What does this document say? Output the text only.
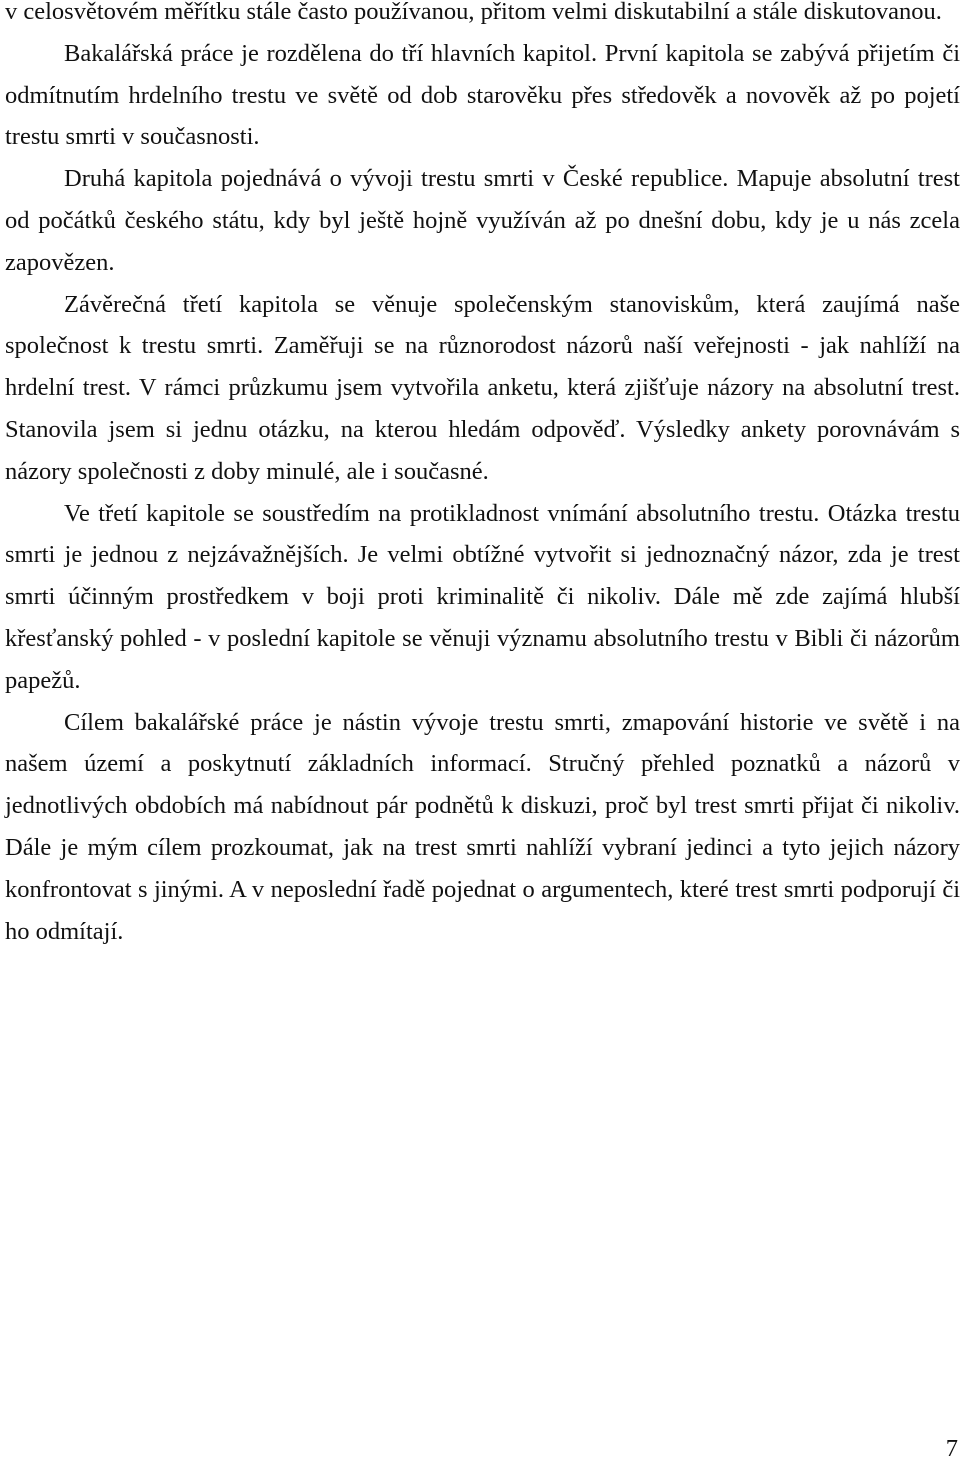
v celosvětovém měřítku stále často používanou, přitom velmi diskutabilní a stále diskutovanou.

Bakalářská práce je rozdělena do tří hlavních kapitol. První kapitola se zabývá přijetím či odmítnutím hrdelního trestu ve světě od dob starověku přes středověk a novověk až po pojetí trestu smrti v současnosti.

Druhá kapitola pojednává o vývoji trestu smrti v České republice. Mapuje absolutní trest od počátků českého státu, kdy byl ještě hojně využíván až po dnešní dobu, kdy je u nás zcela zapovězen.

Závěrečná třetí kapitola se věnuje společenským stanoviskům, která zaujímá naše společnost k trestu smrti. Zaměřuji se na různorodost názorů naší veřejnosti - jak nahlíží na hrdelní trest. V rámci průzkumu jsem vytvořila anketu, která zjišťuje názory na absolutní trest. Stanovila jsem si jednu otázku, na kterou hledám odpověď. Výsledky ankety porovnávám s názory společnosti z doby minulé, ale i současné.

Ve třetí kapitole se soustředím na protikladnost vnímání absolutního trestu. Otázka trestu smrti je jednou z nejzávažnějších. Je velmi obtížné vytvořit si jednoznačný názor, zda je trest smrti účinným prostředkem v boji proti kriminalitě či nikoliv. Dále mě zde zajímá hlubší křesťanský pohled - v poslední kapitole se věnuji významu absolutního trestu v Bibli či názorům papežů.

Cílem bakalářské práce je nástin vývoje trestu smrti, zmapování historie ve světě i na našem území a poskytnutí základních informací. Stručný přehled poznatků a názorů v jednotlivých obdobích má nabídnout pár podnětů k diskuzi, proč byl trest smrti přijat či nikoliv. Dále je mým cílem prozkoumat, jak na trest smrti nahlíží vybraní jedinci a tyto jejich názory konfrontovat s jinými. A v neposlední řadě pojednat o argumentech, které trest smrti podporují či ho odmítají.

7
